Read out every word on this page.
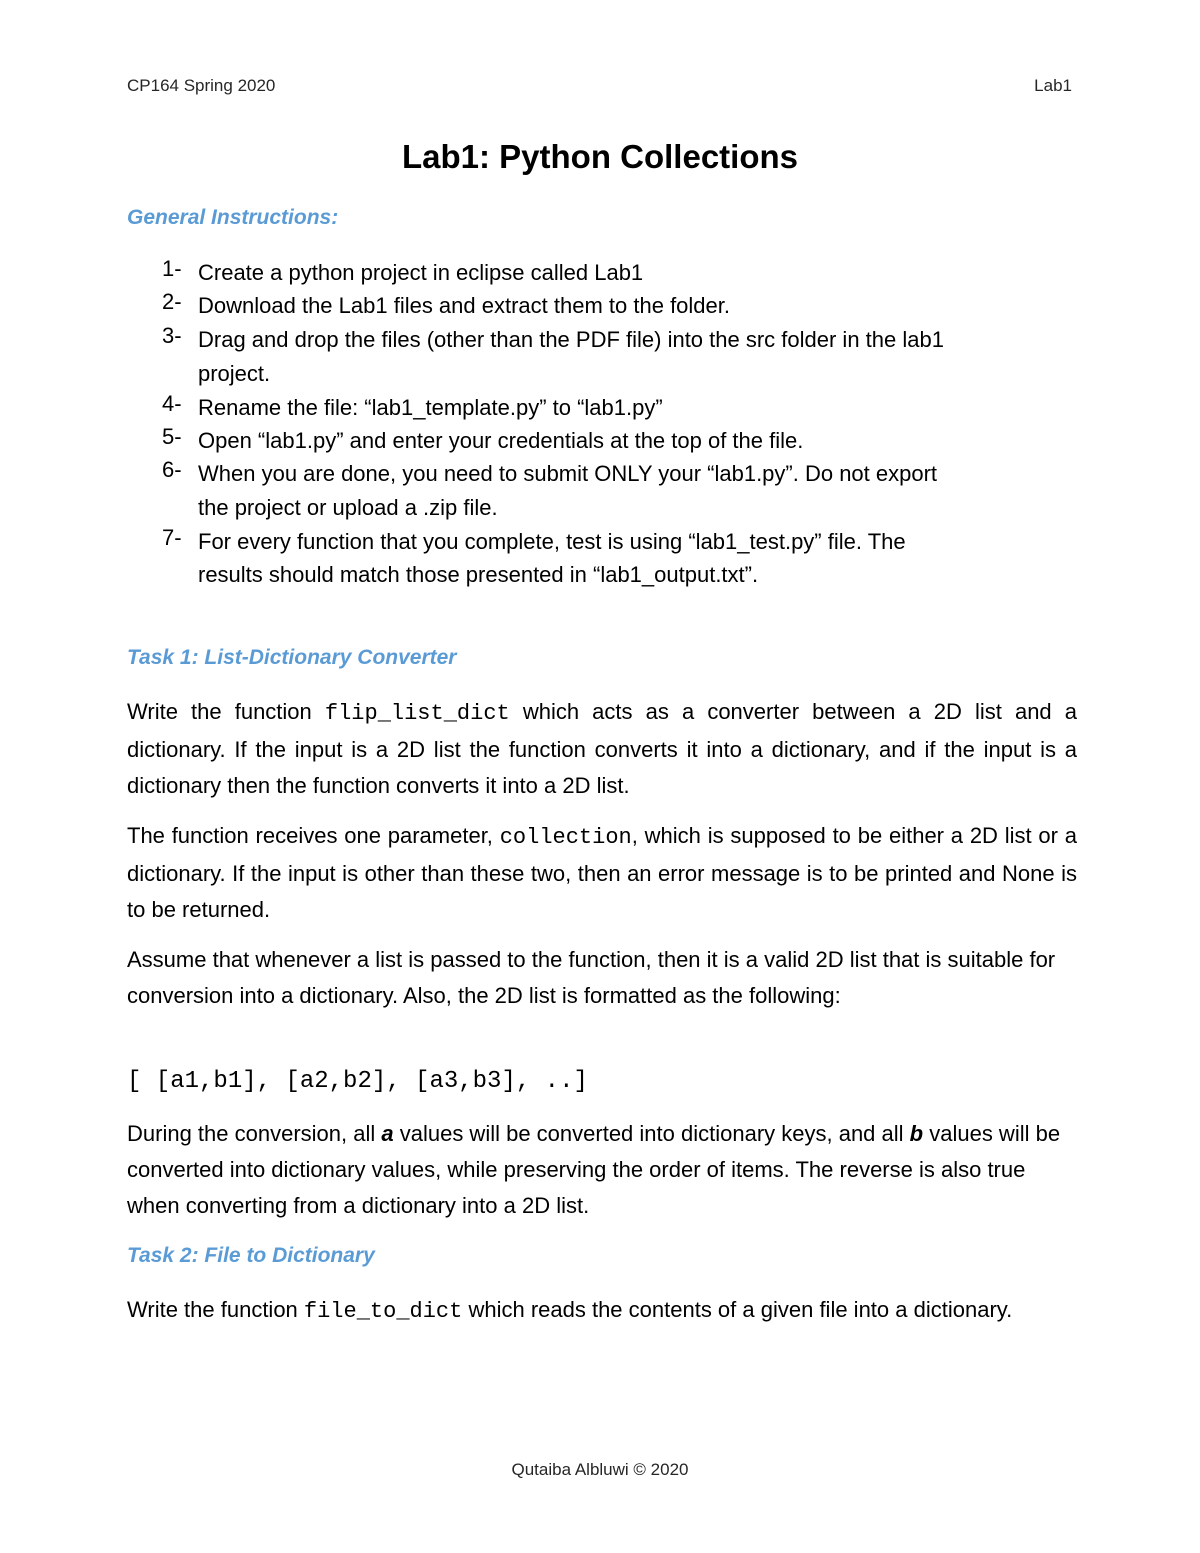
CP164 Spring 2020	Lab1
Lab1: Python Collections
General Instructions:
1- Create a python project in eclipse called Lab1
2- Download the Lab1 files and extract them to the folder.
3- Drag and drop the files (other than the PDF file) into the src folder in the lab1
project.
4- Rename the file: “lab1_template.py” to “lab1.py”
5- Open “lab1.py” and enter your credentials at the top of the file.
6- When you are done, you need to submit ONLY your “lab1.py”. Do not export
the project or upload a .zip file.
7- For every function that you complete, test is using “lab1_test.py” file. The
results should match those presented in “lab1_output.txt”.
Task 1: List-Dictionary Converter

Write the function flip_list_dict which acts as a converter between a 2D list and a dictionary. If the input is a 2D list the function converts it into a dictionary, and if the input is a dictionary then the function converts it into a 2D list.

The function receives one parameter, collection, which is supposed to be either a 2D list or a dictionary. If the input is other than these two, then an error message is to be printed and None is to be returned.

Assume that whenever a list is passed to the function, then it is a valid 2D list that is suitable for conversion into a dictionary. Also, the 2D list is formatted as the following:

[ [a1,b1], [a2,b2], [a3,b3], ..]

During the conversion, all a values will be converted into dictionary keys, and all b values will be converted into dictionary values, while preserving the order of items. The reverse is also true when converting from a dictionary into a 2D list.

Task 2: File to Dictionary

Write the function file_to_dict which reads the contents of a given file into a dictionary.

Qutaiba Albluwi © 2020
